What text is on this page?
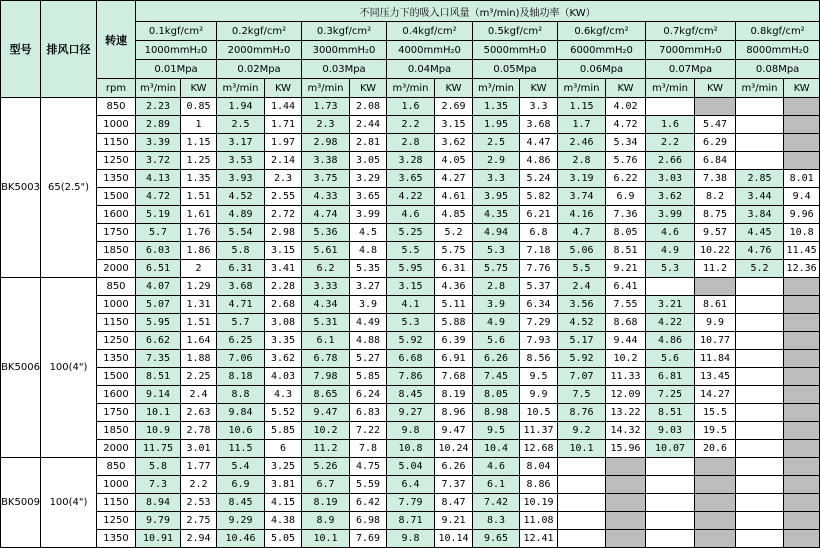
型号	排风口径	转速	不同压力下的吸入口风量（m³/min)及轴功率（KW）															
			0.1kgf/cm²		0.2kgf/cm²		0.3kgf/cm²		0.4kgf/cm²		0.5kgf/cm²		0.6kgf/cm²		0.7kgf/cm²		0.8kgf/cm²	
			1000mmH₂0		2000mmH₂0		3000mmH₂0		4000mmH₂0		5000mmH₂0		6000mmH₂0		7000mmH₂0		8000mmH₂0	
			0.01Mpa		0.02Mpa		0.03Mpa		0.04Mpa		0.05Mpa		0.06Mpa		0.07Mpa		0.08Mpa	
		rpm	m³/min	KW	m³/min	KW	m³/min	KW	m³/min	KW	m³/min	KW	m³/min	KW	m³/min	KW	m³/min	KW
BK5003	65(2.5")	850	2.23	0.85	1.94	1.44	1.73	2.08	1.6	2.69	1.35	3.3	1.15	4.02				
		1000	2.89	1	2.5	1.71	2.3	2.44	2.2	3.15	1.95	3.68	1.7	4.72	1.6	5.47		
		1150	3.39	1.15	3.17	1.97	2.98	2.81	2.8	3.62	2.5	4.47	2.46	5.34	2.2	6.29		
		1250	3.72	1.25	3.53	2.14	3.38	3.05	3.28	4.05	2.9	4.86	2.8	5.76	2.66	6.84		
		1350	4.13	1.35	3.93	2.3	3.75	3.29	3.65	4.27	3.3	5.24	3.19	6.22	3.03	7.38	2.85	8.01
		1500	4.72	1.51	4.52	2.55	4.33	3.65	4.22	4.61	3.95	5.82	3.74	6.9	3.62	8.2	3.44	9.4
		1600	5.19	1.61	4.89	2.72	4.74	3.99	4.6	4.85	4.35	6.21	4.16	7.36	3.99	8.75	3.84	9.96
		1750	5.7	1.76	5.54	2.98	5.36	4.5	5.25	5.2	4.94	6.8	4.7	8.05	4.6	9.57	4.45	10.8
		1850	6.03	1.86	5.8	3.15	5.61	4.8	5.5	5.75	5.3	7.18	5.06	8.51	4.9	10.22	4.76	11.45
		2000	6.51	2	6.31	3.41	6.2	5.35	5.95	6.31	5.75	7.76	5.5	9.21	5.3	11.2	5.2	12.36
BK5006	100(4")	850	4.07	1.29	3.68	2.28	3.33	3.27	3.15	4.36	2.8	5.37	2.4	6.41				
		1000	5.07	1.31	4.71	2.68	4.34	3.9	4.1	5.11	3.9	6.34	3.56	7.55	3.21	8.61		
		1150	5.95	1.51	5.7	3.08	5.31	4.49	5.3	5.88	4.9	7.29	4.52	8.68	4.22	9.9		
		1250	6.62	1.64	6.25	3.35	6.1	4.88	5.92	6.39	5.6	7.93	5.17	9.44	4.86	10.77		
		1350	7.35	1.88	7.06	3.62	6.78	5.27	6.68	6.91	6.26	8.56	5.92	10.2	5.6	11.84		
		1500	8.51	2.25	8.18	4.03	7.98	5.85	7.86	7.68	7.45	9.5	7.07	11.33	6.81	13.45		
		1600	9.14	2.4	8.8	4.3	8.65	6.24	8.45	8.19	8.05	9.9	7.5	12.09	7.25	14.27		
		1750	10.1	2.63	9.84	5.52	9.47	6.83	9.27	8.96	8.98	10.5	8.76	13.22	8.51	15.5		
		1850	10.9	2.78	10.6	5.85	10.2	7.22	9.8	9.47	9.5	11.37	9.2	14.32	9.03	19.5		
		2000	11.75	3.01	11.5	6	11.2	7.8	10.8	10.24	10.4	12.68	10.1	15.96	10.07	20.6		
BK5009	100(4")	850	5.8	1.77	5.4	3.25	5.26	4.75	5.04	6.26	4.6	8.04						
		1000	7.3	2.2	6.9	3.81	6.7	5.59	6.4	7.37	6.1	8.86						
		1150	8.94	2.53	8.45	4.15	8.19	6.42	7.79	8.47	7.42	10.19						
		1250	9.79	2.75	9.29	4.38	8.9	6.98	8.71	9.21	8.3	11.08						
		1350	10.91	2.94	10.46	5.05	10.1	7.69	9.8	10.14	9.65	12.41						
